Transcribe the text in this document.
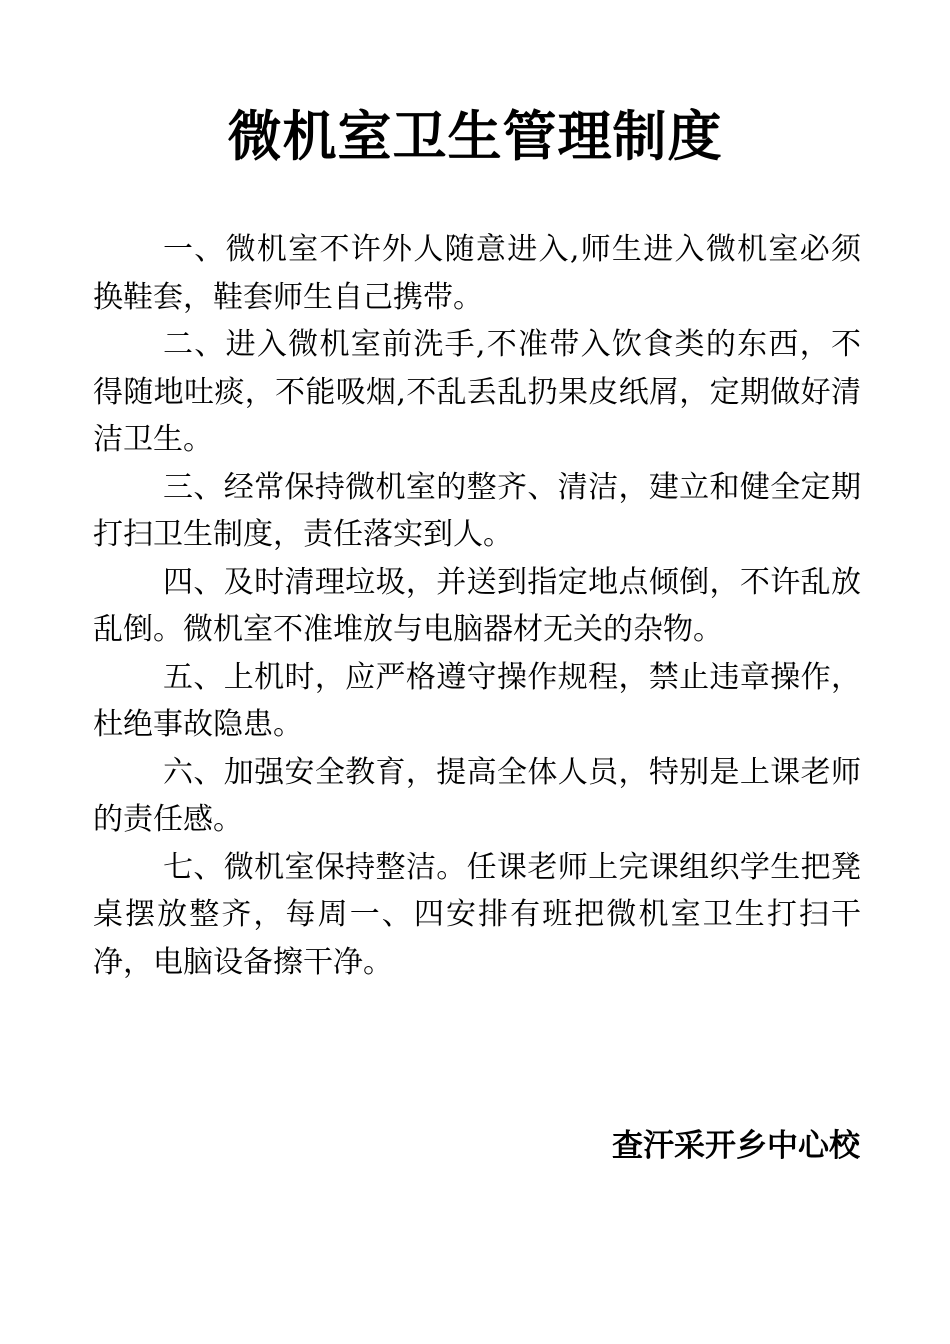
微机室卫生管理制度

一、微机室不许外人随意进入,师生进入微机室必须换鞋套，鞋套师生自己携带。

二、进入微机室前洗手,不准带入饮食类的东西，不得随地吐痰，不能吸烟,不乱丢乱扔果皮纸屑，定期做好清洁卫生。

三、经常保持微机室的整齐、清洁，建立和健全定期打扫卫生制度，责任落实到人。

四、及时清理垃圾，并送到指定地点倾倒，不许乱放乱倒。微机室不准堆放与电脑器材无关的杂物。

五、上机时，应严格遵守操作规程，禁止违章操作，杜绝事故隐患。

六、加强安全教育，提高全体人员，特别是上课老师的责任感。

七、微机室保持整洁。任课老师上完课组织学生把凳桌摆放整齐，每周一、四安排有班把微机室卫生打扫干净，电脑设备擦干净。

查汗采开乡中心校
